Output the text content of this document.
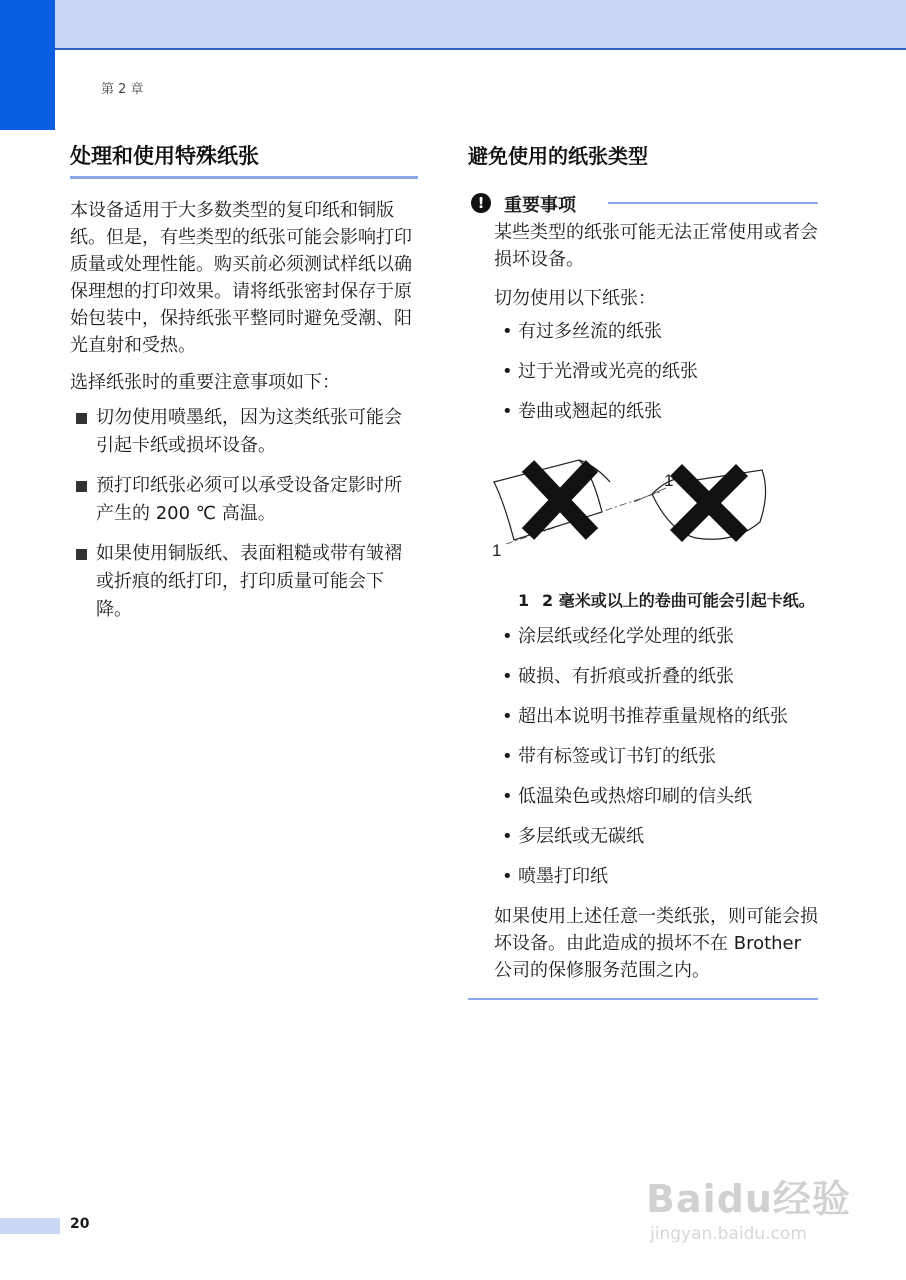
第 2 章
处理和使用特殊纸张

本设备适用于大多数类型的复印纸和铜版纸。但是，有些类型的纸张可能会影响打印质量或处理性能。购买前必须测试样纸以确保理想的打印效果。请将纸张密封保存于原始包装中，保持纸张平整同时避免受潮、阳光直射和受热。

选择纸张时的重要注意事项如下：

切勿使用喷墨纸，因为这类纸张可能会引起卡纸或损坏设备。
预打印纸张必须可以承受设备定影时所产生的 200 ℃ 高温。
如果使用铜版纸、表面粗糙或带有皱褶或折痕的纸打印，打印质量可能会下降。
避免使用的纸张类型
!	重要事项

某些类型的纸张可能无法正常使用或者会损坏设备。

切勿使用以下纸张：

• 有过多丝流的纸张
• 过于光滑或光亮的纸张
• 卷曲或翘起的纸张
1
1
1 2 毫米或以上的卷曲可能会引起卡纸。
• 涂层纸或经化学处理的纸张
• 破损、有折痕或折叠的纸张
• 超出本说明书推荐重量规格的纸张
• 带有标签或订书钉的纸张
• 低温染色或热熔印刷的信头纸
• 多层纸或无碳纸
• 喷墨打印纸

如果使用上述任意一类纸张，则可能会损坏设备。由此造成的损坏不在 Brother 公司的保修服务范围之内。

20
Baidu经验
jingyan.baidu.com
